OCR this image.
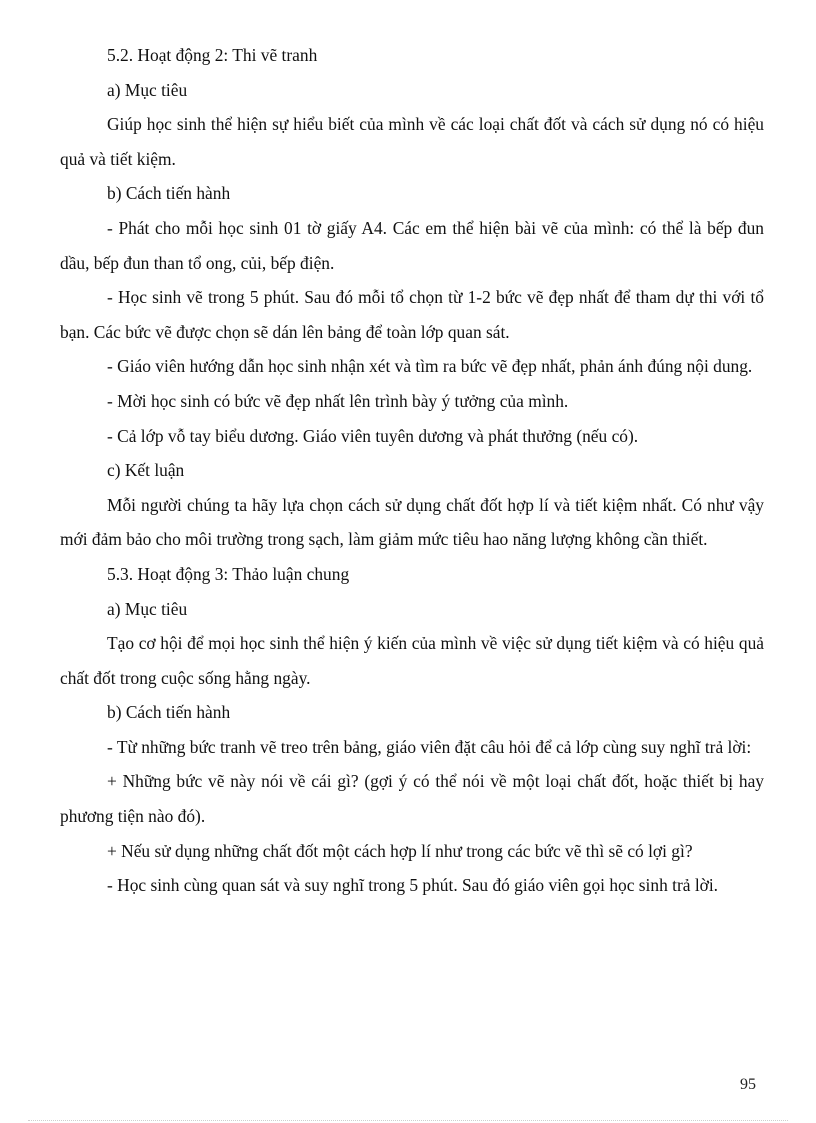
5.2. Hoạt động 2: Thi vẽ tranh

a) Mục tiêu

Giúp học sinh thể hiện sự hiểu biết của mình về các loại chất đốt và cách sử dụng nó có hiệu quả và tiết kiệm.

b) Cách tiến hành

- Phát cho mỗi học sinh 01 tờ giấy A4. Các em thể hiện bài vẽ của mình: có thể là bếp đun dầu, bếp đun than tổ ong, củi, bếp điện.

- Học sinh vẽ trong 5 phút. Sau đó mỗi tổ chọn từ 1-2 bức vẽ đẹp nhất để tham dự thi với tổ bạn. Các bức vẽ được chọn sẽ dán lên bảng để toàn lớp quan sát.

- Giáo viên hướng dẫn học sinh nhận xét và tìm ra bức vẽ đẹp nhất, phản ánh đúng nội dung.

- Mời học sinh có bức vẽ đẹp nhất lên trình bày ý tưởng của mình.

- Cả lớp vỗ tay biểu dương. Giáo viên tuyên dương và phát thưởng (nếu có).

c) Kết luận

Mỗi người chúng ta hãy lựa chọn cách sử dụng chất đốt hợp lí và tiết kiệm nhất. Có như vậy mới đảm bảo cho môi trường trong sạch, làm giảm mức tiêu hao năng lượng không cần thiết.

5.3. Hoạt động 3: Thảo luận chung

a) Mục tiêu

Tạo cơ hội để mọi học sinh thể hiện ý kiến của mình về việc sử dụng tiết kiệm và có hiệu quả chất đốt trong cuộc sống hằng ngày.

b) Cách tiến hành

- Từ những bức tranh vẽ treo trên bảng, giáo viên đặt câu hỏi để cả lớp cùng suy nghĩ trả lời:

+ Những bức vẽ này nói về cái gì? (gợi ý có thể nói về một loại chất đốt, hoặc thiết bị hay phương tiện nào đó).

+ Nếu sử dụng những chất đốt một cách hợp lí như trong các bức vẽ thì sẽ có lợi gì?

- Học sinh cùng quan sát và suy nghĩ trong 5 phút. Sau đó giáo viên gọi học sinh trả lời.

95
